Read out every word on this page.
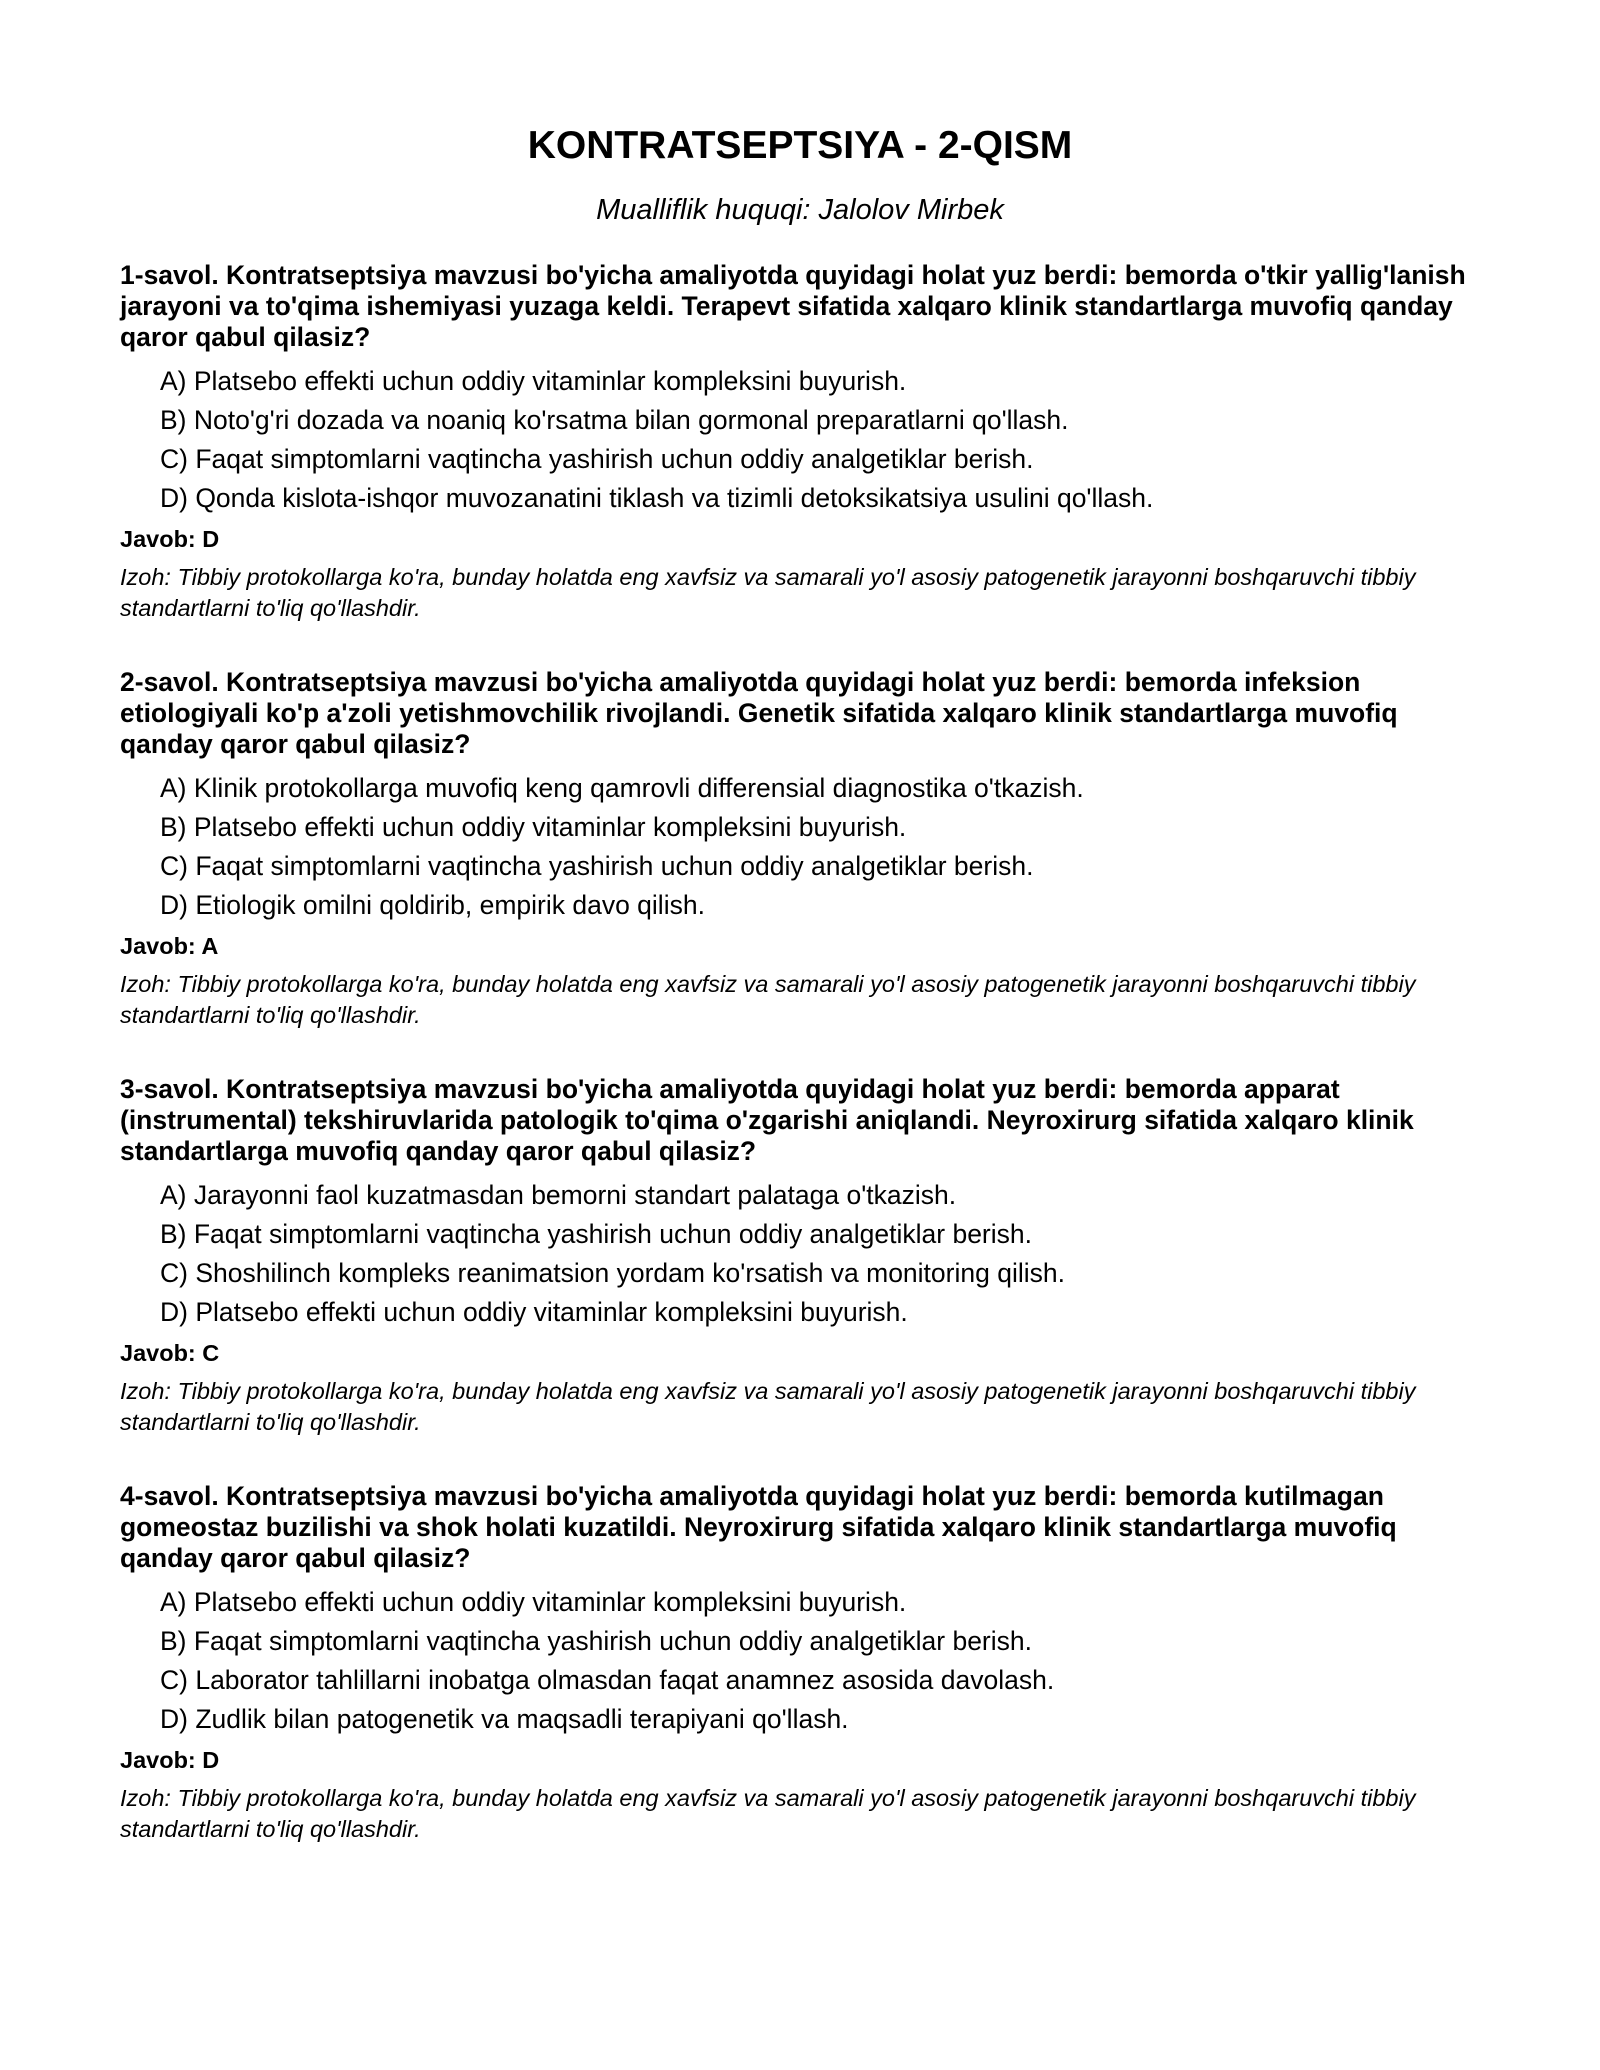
KONTRATSEPTSIYA - 2-QISM

Mualliflik huquqi: Jalolov Mirbek

1-savol. Kontratseptsiya mavzusi bo'yicha amaliyotda quyidagi holat yuz berdi: bemorda o'tkir yallig'lanish jarayoni va to'qima ishemiyasi yuzaga keldi. Terapevt sifatida xalqaro klinik standartlarga muvofiq qanday qaror qabul qilasiz?

A) Platsebo effekti uchun oddiy vitaminlar kompleksini buyurish.
B) Noto'g'ri dozada va noaniq ko'rsatma bilan gormonal preparatlarni qo'llash.
C) Faqat simptomlarni vaqtincha yashirish uchun oddiy analgetiklar berish.
D) Qonda kislota-ishqor muvozanatini tiklash va tizimli detoksikatsiya usulini qo'llash.

Javob: D

Izoh: Tibbiy protokollarga ko'ra, bunday holatda eng xavfsiz va samarali yo'l asosiy patogenetik jarayonni boshqaruvchi tibbiy standartlarni to'liq qo'llashdir.

2-savol. Kontratseptsiya mavzusi bo'yicha amaliyotda quyidagi holat yuz berdi: bemorda infeksion etiologiyali ko'p a'zoli yetishmovchilik rivojlandi. Genetik sifatida xalqaro klinik standartlarga muvofiq qanday qaror qabul qilasiz?

A) Klinik protokollarga muvofiq keng qamrovli differensial diagnostika o'tkazish.
B) Platsebo effekti uchun oddiy vitaminlar kompleksini buyurish.
C) Faqat simptomlarni vaqtincha yashirish uchun oddiy analgetiklar berish.
D) Etiologik omilni qoldirib, empirik davo qilish.

Javob: A

Izoh: Tibbiy protokollarga ko'ra, bunday holatda eng xavfsiz va samarali yo'l asosiy patogenetik jarayonni boshqaruvchi tibbiy standartlarni to'liq qo'llashdir.

3-savol. Kontratseptsiya mavzusi bo'yicha amaliyotda quyidagi holat yuz berdi: bemorda apparat (instrumental) tekshiruvlarida patologik to'qima o'zgarishi aniqlandi. Neyroxirurg sifatida xalqaro klinik standartlarga muvofiq qanday qaror qabul qilasiz?

A) Jarayonni faol kuzatmasdan bemorni standart palataga o'tkazish.
B) Faqat simptomlarni vaqtincha yashirish uchun oddiy analgetiklar berish.
C) Shoshilinch kompleks reanimatsion yordam ko'rsatish va monitoring qilish.
D) Platsebo effekti uchun oddiy vitaminlar kompleksini buyurish.

Javob: C

Izoh: Tibbiy protokollarga ko'ra, bunday holatda eng xavfsiz va samarali yo'l asosiy patogenetik jarayonni boshqaruvchi tibbiy standartlarni to'liq qo'llashdir.

4-savol. Kontratseptsiya mavzusi bo'yicha amaliyotda quyidagi holat yuz berdi: bemorda kutilmagan gomeostaz buzilishi va shok holati kuzatildi. Neyroxirurg sifatida xalqaro klinik standartlarga muvofiq qanday qaror qabul qilasiz?

A) Platsebo effekti uchun oddiy vitaminlar kompleksini buyurish.
B) Faqat simptomlarni vaqtincha yashirish uchun oddiy analgetiklar berish.
C) Laborator tahlillarni inobatga olmasdan faqat anamnez asosida davolash.
D) Zudlik bilan patogenetik va maqsadli terapiyani qo'llash.

Javob: D

Izoh: Tibbiy protokollarga ko'ra, bunday holatda eng xavfsiz va samarali yo'l asosiy patogenetik jarayonni boshqaruvchi tibbiy standartlarni to'liq qo'llashdir.
